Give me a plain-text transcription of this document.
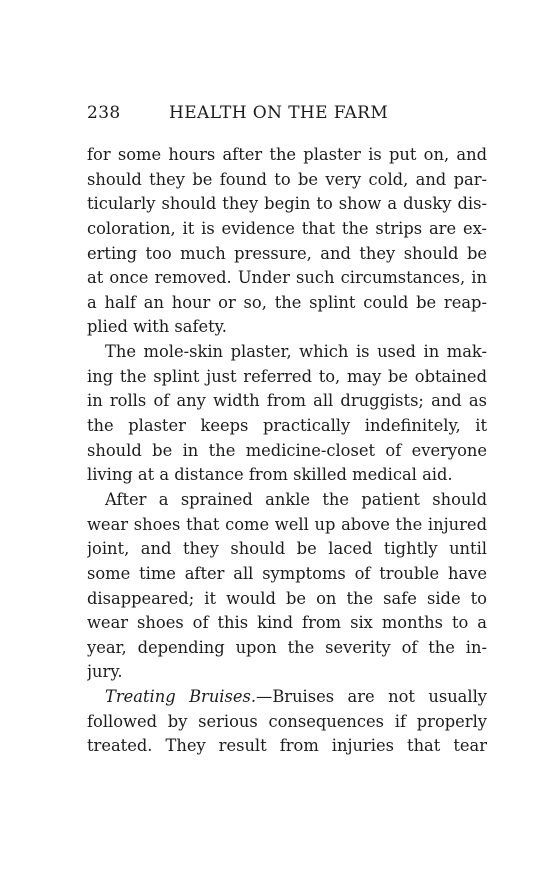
238	HEALTH ON THE FARM
for some hours after the plaster is put on, and
should they be found to be very cold, and par-
ticularly should they begin to show a dusky dis-
coloration, it is evidence that the strips are ex-
erting too much pressure, and they should be
at once removed. Under such circumstances, in
a half an hour or so, the splint could be reap-
plied with safety.
The mole-skin plaster, which is used in mak-
ing the splint just referred to, may be obtained
in rolls of any width from all druggists; and as
the plaster keeps practically indefinitely, it
should be in the medicine-closet of everyone
living at a distance from skilled medical aid.
After a sprained ankle the patient should
wear shoes that come well up above the injured
joint, and they should be laced tightly until
some time after all symptoms of trouble have
disappeared; it would be on the safe side to
wear shoes of this kind from six months to a
year, depending upon the severity of the in-
jury.
Treating Bruises.—Bruises are not usually
followed by serious consequences if properly
treated. They result from injuries that tear
